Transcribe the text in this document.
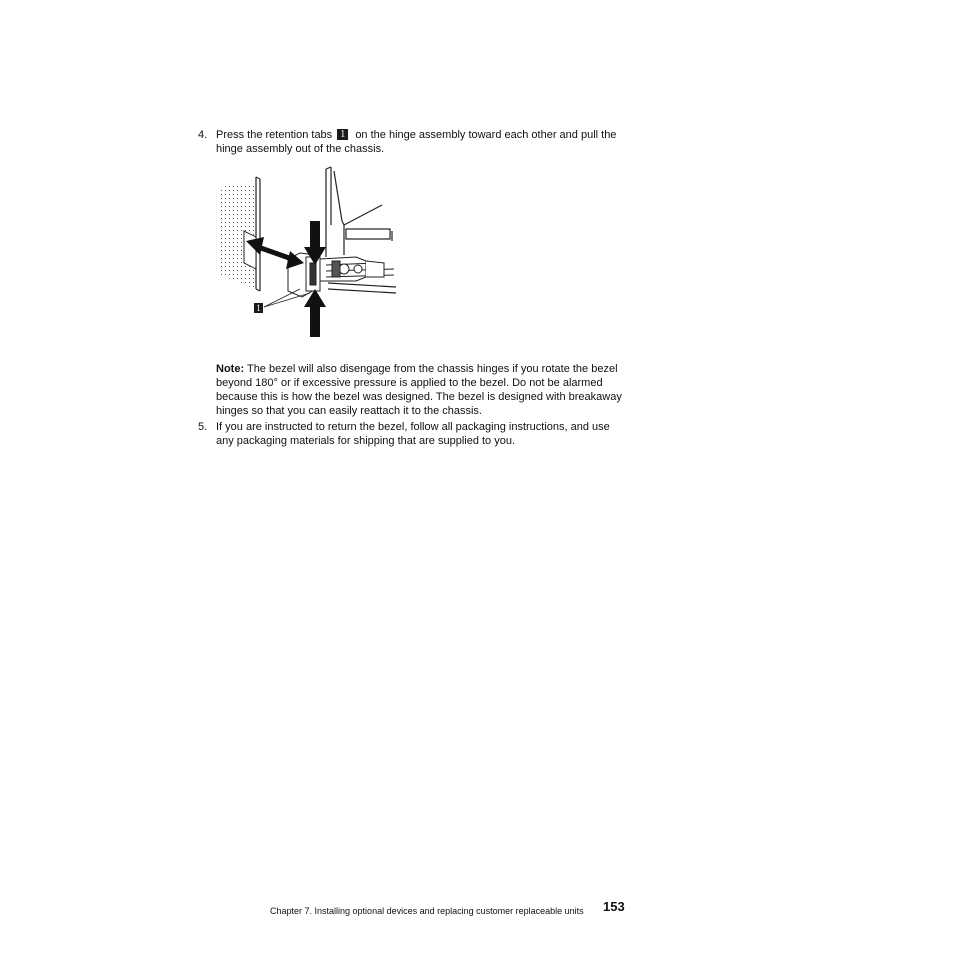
4. Press the retention tabs 1 on the hinge assembly toward each other and pull the hinge assembly out of the chassis.
1
Note: The bezel will also disengage from the chassis hinges if you rotate the bezel beyond 180° or if excessive pressure is applied to the bezel. Do not be alarmed because this is how the bezel was designed. The bezel is designed with breakaway hinges so that you can easily reattach it to the chassis.
5. If you are instructed to return the bezel, follow all packaging instructions, and use any packaging materials for shipping that are supplied to you.
Chapter 7. Installing optional devices and replacing customer replaceable units 153
